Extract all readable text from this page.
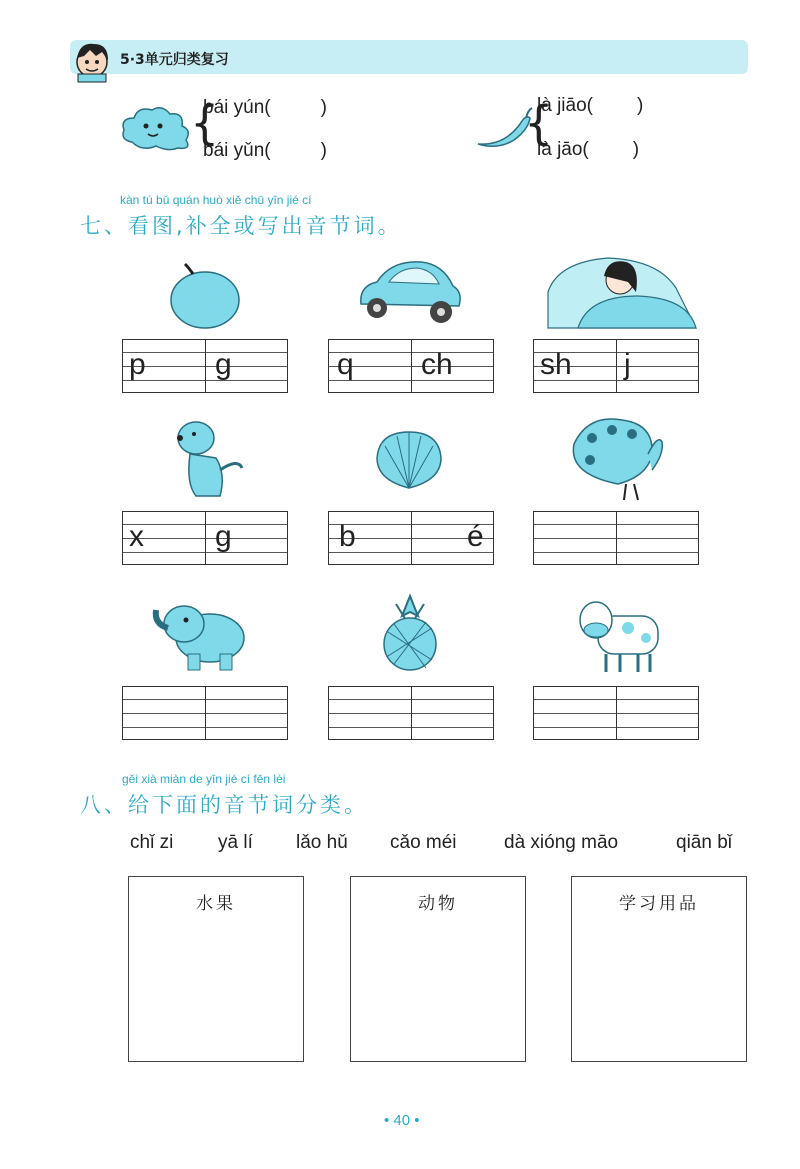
5·3单元归类复习
{
bái yún(	)
bái yǔn(	)
{
là jiāo( )
là jāo( )
kàn tú bǔ quán huò xiě chū yīn jié cí
七、看图,补全或写出音节词。
p g	q ch	sh j
x g	b	é
gěi xià miàn de yīn jié cí fēn lèi
八、给下面的音节词分类。
chǐ zi yā lí lǎo hǔ cǎo méi dà xióng māo	qiān bǐ
水果	动物	学习用品
• 40 •
